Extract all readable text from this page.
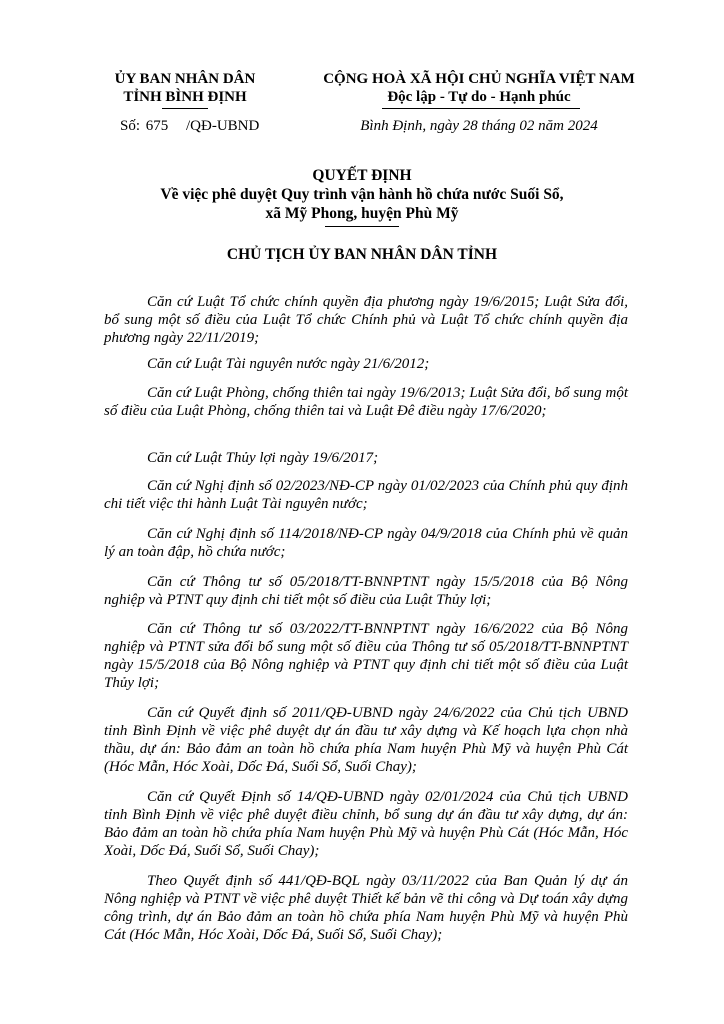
ỦY BAN NHÂN DÂN
TỈNH BÌNH ĐỊNH
Số: 675 /QĐ-UBND
CỘNG HOÀ XÃ HỘI CHỦ NGHĨA VIỆT NAM
Độc lập - Tự do - Hạnh phúc
Bình Định, ngày 28 tháng 02 năm 2024
QUYẾT ĐỊNH
Về việc phê duyệt Quy trình vận hành hồ chứa nước Suối Sổ,
xã Mỹ Phong, huyện Phù Mỹ
CHỦ TỊCH ỦY BAN NHÂN DÂN TỈNH
Căn cứ Luật Tổ chức chính quyền địa phương ngày 19/6/2015; Luật Sửa đổi, bổ sung một số điều của Luật Tổ chức Chính phủ và Luật Tổ chức chính quyền địa phương ngày 22/11/2019;
Căn cứ Luật Tài nguyên nước ngày 21/6/2012;
Căn cứ Luật Phòng, chống thiên tai ngày 19/6/2013; Luật Sửa đổi, bổ sung một số điều của Luật Phòng, chống thiên tai và Luật Đê điều ngày 17/6/2020;
Căn cứ Luật Thủy lợi ngày 19/6/2017;
Căn cứ Nghị định số 02/2023/NĐ-CP ngày 01/02/2023 của Chính phủ quy định chi tiết việc thi hành Luật Tài nguyên nước;
Căn cứ Nghị định số 114/2018/NĐ-CP ngày 04/9/2018 của Chính phủ về quản lý an toàn đập, hồ chứa nước;
Căn cứ Thông tư số 05/2018/TT-BNNPTNT ngày 15/5/2018 của Bộ Nông nghiệp và PTNT quy định chi tiết một số điều của Luật Thủy lợi;
Căn cứ Thông tư số 03/2022/TT-BNNPTNT ngày 16/6/2022 của Bộ Nông nghiệp và PTNT sửa đổi bổ sung một số điều của Thông tư số 05/2018/TT-BNNPTNT ngày 15/5/2018 của Bộ Nông nghiệp và PTNT quy định chi tiết một số điều của Luật Thủy lợi;
Căn cứ Quyết định số 2011/QĐ-UBND ngày 24/6/2022 của Chủ tịch UBND tỉnh Bình Định về việc phê duyệt dự án đầu tư xây dựng và Kế hoạch lựa chọn nhà thầu, dự án: Bảo đảm an toàn hồ chứa phía Nam huyện Phù Mỹ và huyện Phù Cát (Hóc Mẫn, Hóc Xoài, Dốc Đá, Suối Sổ, Suối Chay);
Căn cứ Quyết Định số 14/QĐ-UBND ngày 02/01/2024 của Chủ tịch UBND tỉnh Bình Định về việc phê duyệt điều chỉnh, bổ sung dự án đầu tư xây dựng, dự án: Bảo đảm an toàn hồ chứa phía Nam huyện Phù Mỹ và huyện Phù Cát (Hóc Mẫn, Hóc Xoài, Dốc Đá, Suối Sổ, Suối Chay);
Theo Quyết định số 441/QĐ-BQL ngày 03/11/2022 của Ban Quản lý dự án Nông nghiệp và PTNT về việc phê duyệt Thiết kế bản vẽ thi công và Dự toán xây dựng công trình, dự án Bảo đảm an toàn hồ chứa phía Nam huyện Phù Mỹ và huyện Phù Cát (Hóc Mẫn, Hóc Xoài, Dốc Đá, Suối Sổ, Suối Chay);
